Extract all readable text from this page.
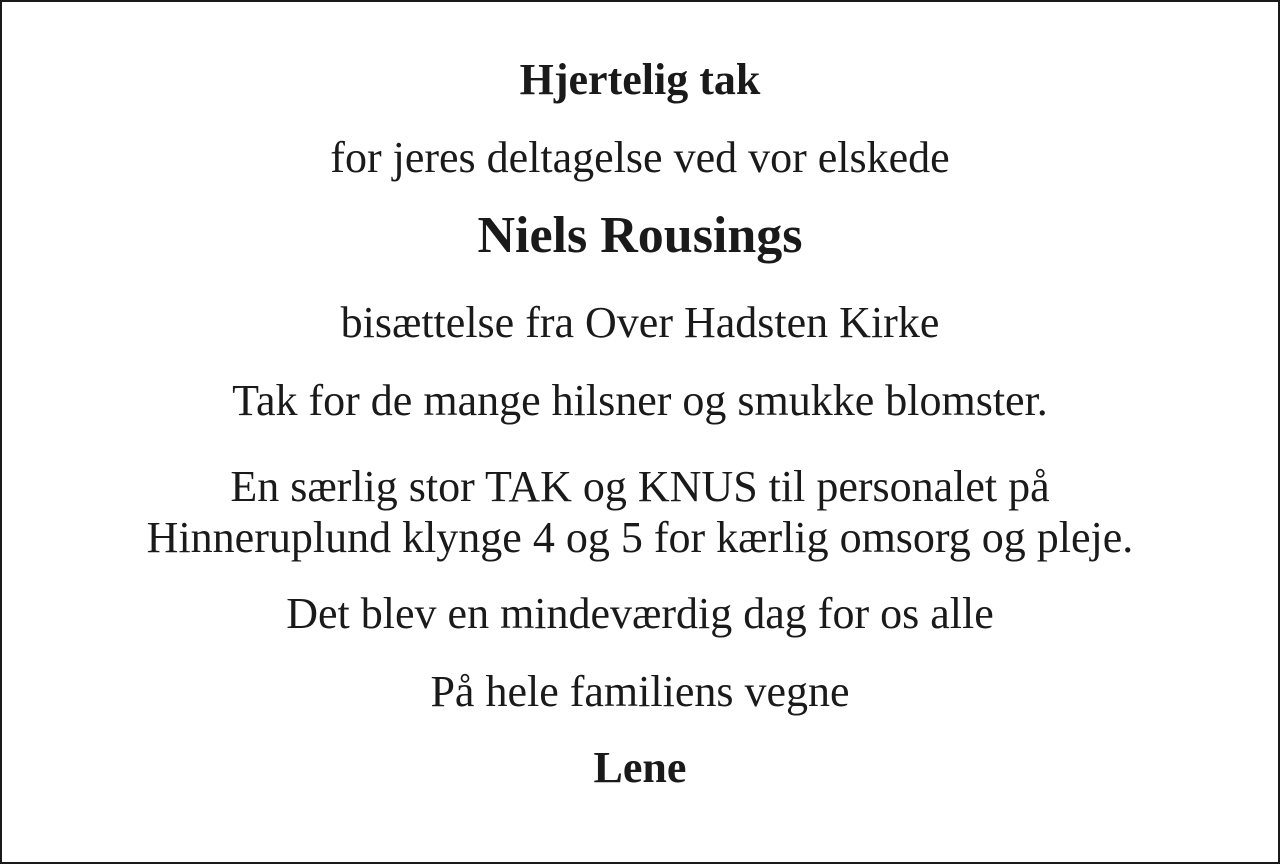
Hjertelig tak

for jeres deltagelse ved vor elskede

Niels Rousings

bisættelse fra Over Hadsten Kirke

Tak for de mange hilsner og smukke blomster.

En særlig stor TAK og KNUS til personalet på

Hinneruplund klynge 4 og 5 for kærlig omsorg og pleje.

Det blev en mindeværdig dag for os alle

På hele familiens vegne

Lene
